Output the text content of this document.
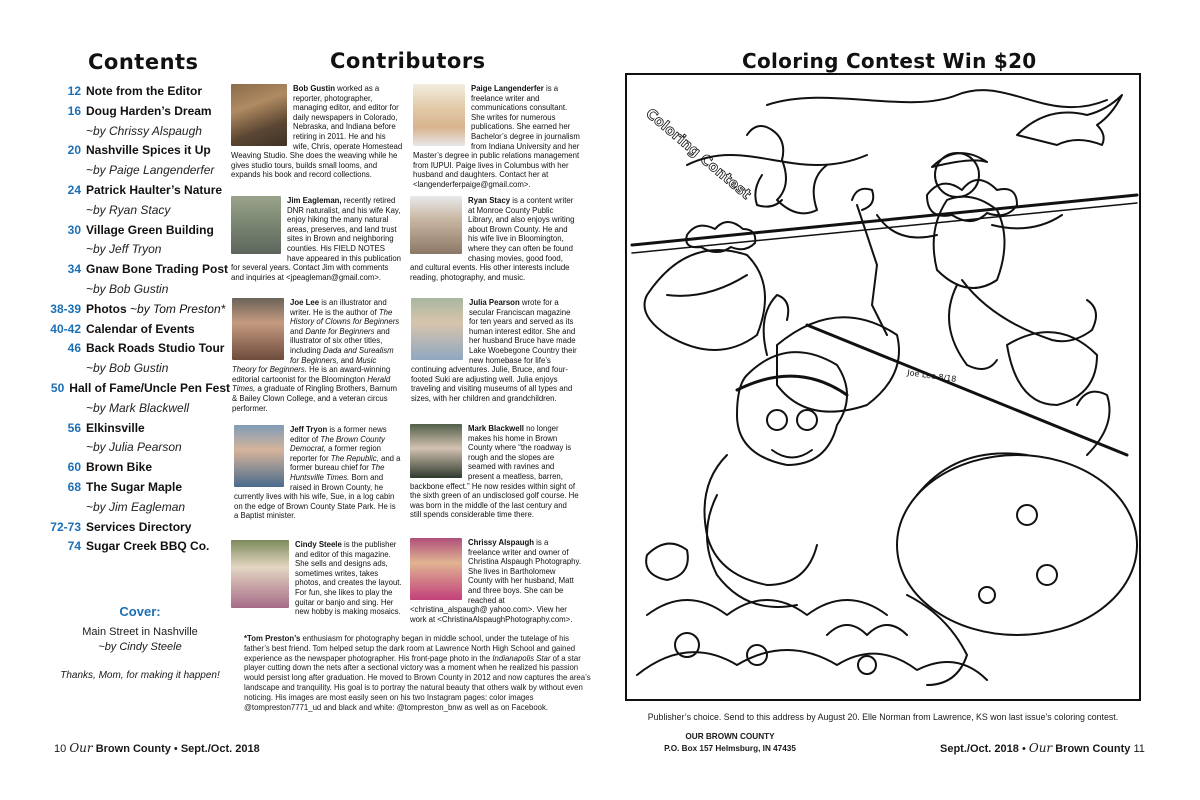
Contents
12 Note from the Editor
16 Doug Harden’s Dream
~by Chrissy Alspaugh
20 Nashville Spices it Up
~by Paige Langenderfer
24 Patrick Haulter’s Nature
~by Ryan Stacy
30 Village Green Building
~by Jeff Tryon
34 Gnaw Bone Trading Post
~by Bob Gustin
38-39 Photos ~by Tom Preston*
40-42 Calendar of Events
46 Back Roads Studio Tour
~by Bob Gustin
50 Hall of Fame/Uncle Pen Fest
~by Mark Blackwell
56 Elkinsville
~by Julia Pearson
60 Brown Bike
68 The Sugar Maple
~by Jim Eagleman
72-73 Services Directory
74 Sugar Creek BBQ Co.
Cover:
Main Street in Nashville
~by Cindy Steele
Thanks, Mom, for making it happen!
Contributors
Bob Gustin worked as a reporter, photographer, managing editor, and editor for daily newspapers in Colorado, Nebraska, and Indiana before retiring in 2011. He and his wife, Chris, operate Homestead Weaving Studio. She does the weaving while he gives studio tours, builds small looms, and expands his book and record collections.
Paige Langenderfer is a freelance writer and communications consultant. She writes for numerous publications. She earned her Bachelor’s degree in journalism from Indiana University and her Master’s degree in public relations management from IUPUI. Paige lives in Columbus with her husband and daughters. Contact her at <langenderferpaige@gmail.com>.
Jim Eagleman, recently retired DNR naturalist, and his wife Kay, enjoy hiking the many natural areas, preserves, and land trust sites in Brown and neighboring counties. His FIELD NOTES have appeared in this publication for several years. Contact Jim with comments and inquiries at <jpeagleman@gmail.com>.
Ryan Stacy is a content writer at Monroe County Public Library, and also enjoys writing about Brown County. He and his wife live in Bloomington, where they can often be found chasing movies, good food, and cultural events. His other interests include reading, photography, and music.
Joe Lee is an illustrator and writer. He is the author of The History of Clowns for Beginners and Dante for Beginners and illustrator of six other titles, including Dada and Surealism for Beginners, and Music Theory for Beginners. He is an award-winning editorial cartoonist for the Bloomington Herald Times, a graduate of Ringling Brothers, Barnum & Bailey Clown College, and a veteran circus performer.
Julia Pearson wrote for a secular Franciscan magazine for ten years and served as its human interest editor. She and her husband Bruce have made Lake Woebegone Country their new homebase for life’s continuing adventures. Julie, Bruce, and four-footed Suki are adjusting well. Julia enjoys traveling and visiting museums of all types and sizes, with her children and grandchildren.
Jeff Tryon is a former news editor of The Brown County Democrat, a former region reporter for The Republic, and a former bureau chief for The Huntsville Times. Born and raised in Brown County, he currently lives with his wife, Sue, in a log cabin on the edge of Brown County State Park. He is a Baptist minister.
Mark Blackwell no longer makes his home in Brown County where “the roadway is rough and the slopes are seamed with ravines and present a meatless, barren, backbone effect.” He now resides within sight of the sixth green of an undisclosed golf course. He was born in the middle of the last century and still spends considerable time there.
Cindy Steele is the publisher and editor of this magazine. She sells and designs ads, sometimes writes, takes photos, and creates the layout. For fun, she likes to play the guitar or banjo and sing. Her new hobby is making mosaics.
Chrissy Alspaugh is a freelance writer and owner of Christina Alspaugh Photography. She lives in Bartholomew County with her husband, Matt and three boys. She can be reached at <christina_alspaugh@ yahoo.com>. View her work at <ChristinaAlspaughPhotography.com>.
*Tom Preston’s enthusiasm for photography began in middle school, under the tutelage of his father’s best friend. Tom helped setup the dark room at Lawrence North High School and gained experience as the newspaper photographer. His front-page photo in the Indianapolis Star of a star player cutting down the nets after a sectional victory was a moment when he realized his passion would persist long after graduation. He moved to Brown County in 2012 and now captures the area’s landscape and tranquility. His goal is to portray the natural beauty that others walk by without even noticing. His images are most easily seen on his two Instagram pages: color images @tompreston7771_ud and black and white: @tompreston_bnw as well as on Facebook.
Coloring Contest Win $20
Coloring Contest
Joe Lee 8/18
Publisher’s choice. Send to this address by August 20. Elle Norman from Lawrence, KS won last issue’s coloring contest.
10 Our Brown County • Sept./Oct. 2018
OUR BROWN COUNTY
P.O. Box 157 Helmsburg, IN 47435	Sept./Oct. 2018 • Our Brown County 11
